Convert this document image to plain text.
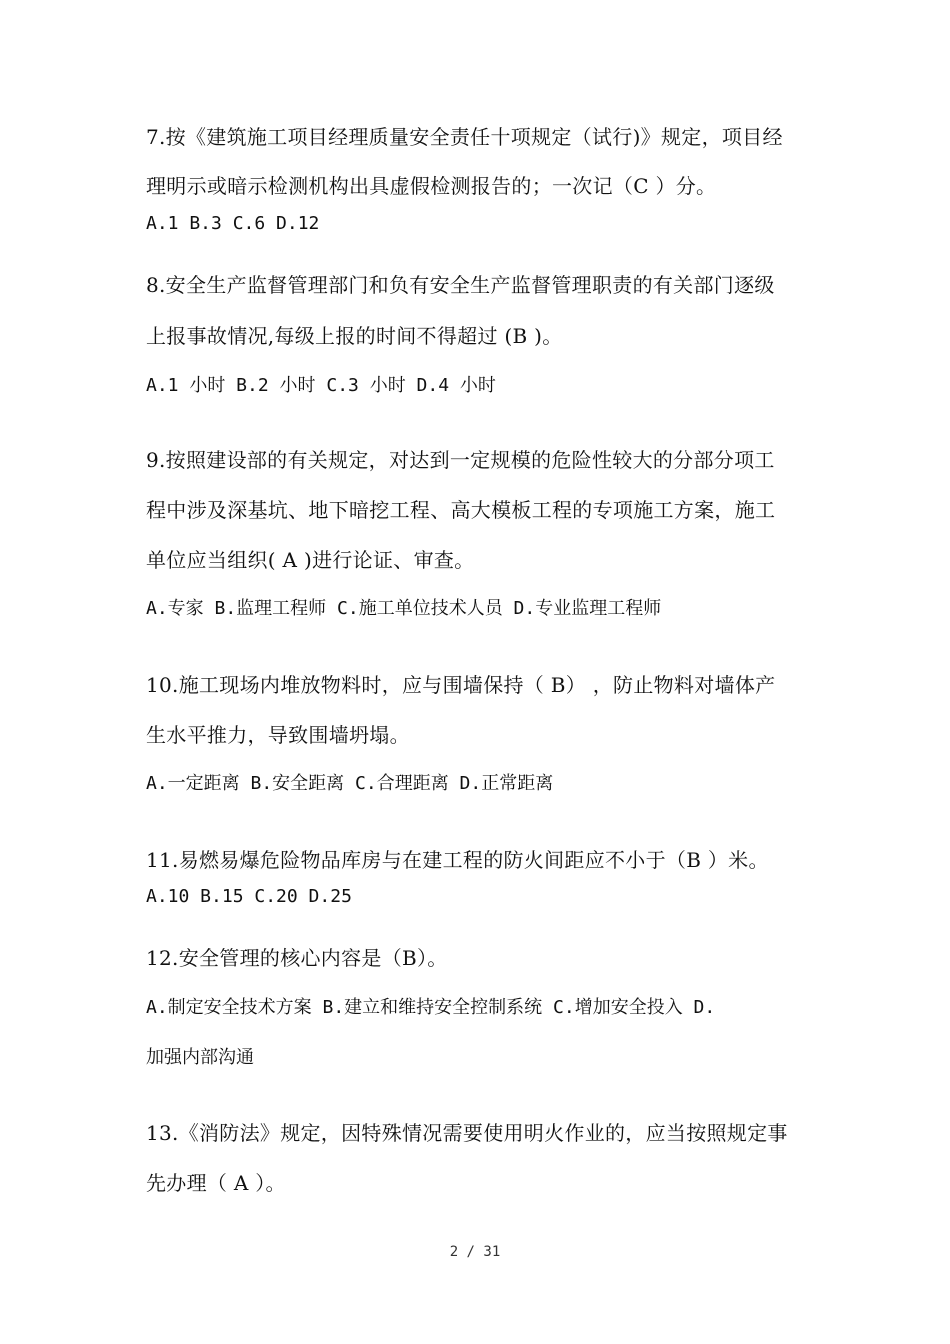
7.按《建筑施工项目经理质量安全责任十项规定（试行)》规定，项目经
理明示或暗示检测机构出具虚假检测报告的；一次记（C ）分。
A.1 B.3 C.6 D.12
8.安全生产监督管理部门和负有安全生产监督管理职责的有关部门逐级
上报事故情况,每级上报的时间不得超过 (B )。
A.1 小时 B.2 小时 C.3 小时 D.4 小时
9.按照建设部的有关规定，对达到一定规模的危险性较大的分部分项工
程中涉及深基坑、地下暗挖工程、高大模板工程的专项施工方案，施工
单位应当组织( A )进行论证、审查。
A.专家 B.监理工程师 C.施工单位技术人员 D.专业监理工程师
10.施工现场内堆放物料时，应与围墙保持（ B） ，防止物料对墙体产
生水平推力，导致围墙坍塌。
A.一定距离 B.安全距离 C.合理距离 D.正常距离
11.易燃易爆危险物品库房与在建工程的防火间距应不小于（B ）米。
A.10 B.15 C.20 D.25
12.安全管理的核心内容是（B）。
A.制定安全技术方案 B.建立和维持安全控制系统 C.增加安全投入 D.
加强内部沟通
13.《消防法》规定，因特殊情况需要使用明火作业的，应当按照规定事
先办理（ A ）。
2 / 31
